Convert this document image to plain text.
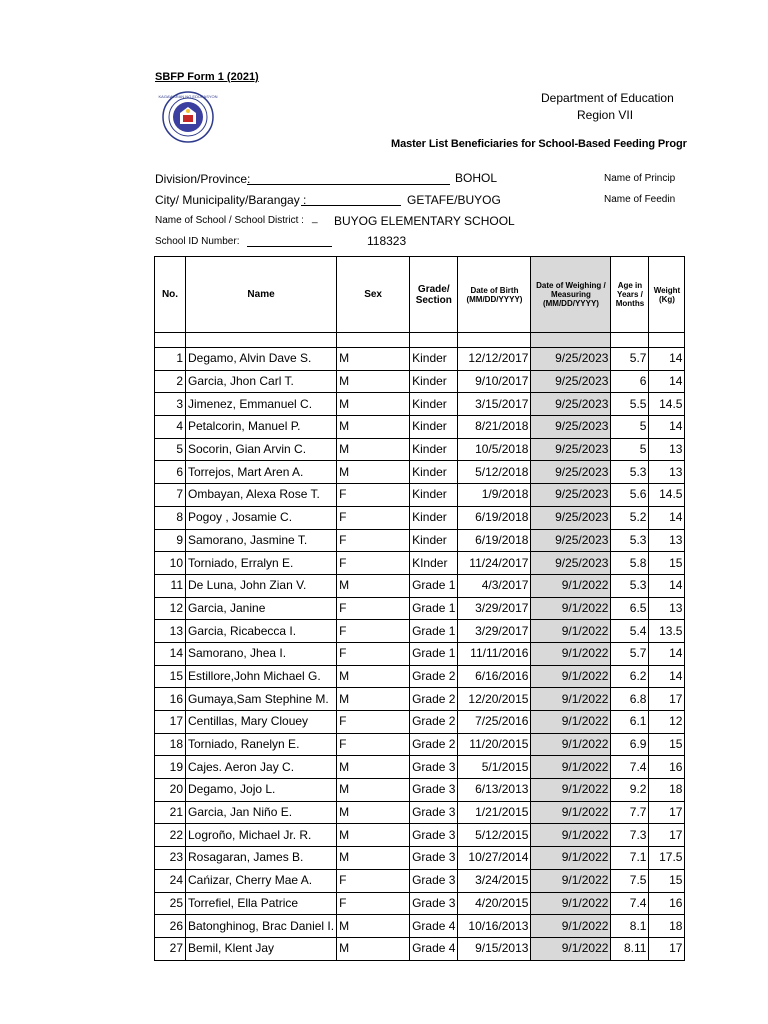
SBFP Form 1 (2021)
KAGAWARAN NG EDUKASYON	Department of Education
Region VII
Master List Beneficiaries for School-Based Feeding Progr
Division/Province:	BOHOL	Name of Princip
City/ Municipality/Barangay :	GETAFE/BUYOG	Name of Feedin
Name of School / School District : _ BUYOG ELEMENTARY SCHOOL
School ID Number:	118323
No.	Name	Sex	Grade/ Section	Date of Birth (MM/DD/YYYY)	Date of Weighing / Measuring (MM/DD/YYYY)	Age in Years / Months	Weight (Kg)

1	Degamo, Alvin Dave S.	M	Kinder	12/12/2017	9/25/2023	5.7	14
2	Garcia, Jhon Carl T.	M	Kinder	9/10/2017	9/25/2023	6	14
3	Jimenez, Emmanuel C.	M	Kinder	3/15/2017	9/25/2023	5.5	14.5
4	Petalcorin, Manuel P.	M	Kinder	8/21/2018	9/25/2023	5	14
5	Socorin, Gian Arvin C.	M	Kinder	10/5/2018	9/25/2023	5	13
6	Torrejos, Mart Aren A.	M	Kinder	5/12/2018	9/25/2023	5.3	13
7	Ombayan, Alexa Rose T.	F	Kinder	1/9/2018	9/25/2023	5.6	14.5
8	Pogoy , Josamie C.	F	Kinder	6/19/2018	9/25/2023	5.2	14
9	Samorano, Jasmine T.	F	Kinder	6/19/2018	9/25/2023	5.3	13
10	Torniado, Erralyn E.	F	KInder	11/24/2017	9/25/2023	5.8	15
11	De Luna, John Zian V.	M	Grade 1	4/3/2017	9/1/2022	5.3	14
12	Garcia, Janine	F	Grade 1	3/29/2017	9/1/2022	6.5	13
13	Garcia, Ricabecca I.	F	Grade 1	3/29/2017	9/1/2022	5.4	13.5
14	Samorano, Jhea I.	F	Grade 1	11/11/2016	9/1/2022	5.7	14
15	Estillore,John Michael G.	M	Grade 2	6/16/2016	9/1/2022	6.2	14
16	Gumaya,Sam Stephine M.	M	Grade 2	12/20/2015	9/1/2022	6.8	17
17	Centillas, Mary Clouey	F	Grade 2	7/25/2016	9/1/2022	6.1	12
18	Torniado, Ranelyn E.	F	Grade 2	11/20/2015	9/1/2022	6.9	15
19	Cajes. Aeron Jay C.	M	Grade 3	5/1/2015	9/1/2022	7.4	16
20	Degamo, Jojo L.	M	Grade 3	6/13/2013	9/1/2022	9.2	18
21	Garcia, Jan Niño E.	M	Grade 3	1/21/2015	9/1/2022	7.7	17
22	Logroño, Michael Jr. R.	M	Grade 3	5/12/2015	9/1/2022	7.3	17
23	Rosagaran, James B.	M	Grade 3	10/27/2014	9/1/2022	7.1	17.5
24	Cańizar, Cherry Mae A.	F	Grade 3	3/24/2015	9/1/2022	7.5	15
25	Torrefiel, Ella Patrice	F	Grade 3	4/20/2015	9/1/2022	7.4	16
26	Batonghinog, Brac Daniel I.	M	Grade 4	10/16/2013	9/1/2022	8.1	18
27	Bemil, Klent Jay	M	Grade 4	9/15/2013	9/1/2022	8.11	17
